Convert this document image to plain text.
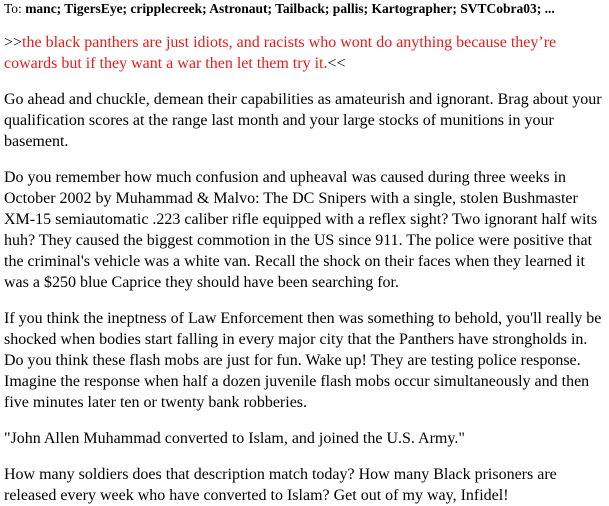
To: manc; TigersEye; cripplecreek; Astronaut; Tailback; pallis; Kartographer; SVTCobra03; ...

>>the black panthers are just idiots, and racists who wont do anything because they’re cowards but if they want a war then let them try it.<<

Go ahead and chuckle, demean their capabilities as amateurish and ignorant. Brag about your qualification scores at the range last month and your large stocks of munitions in your basement.

Do you remember how much confusion and upheaval was caused during three weeks in October 2002 by Muhammad & Malvo: The DC Snipers with a single, stolen Bushmaster XM-15 semiautomatic .223 caliber rifle equipped with a reflex sight? Two ignorant half wits huh? They caused the biggest commotion in the US since 911. The police were positive that the criminal's vehicle was a white van. Recall the shock on their faces when they learned it was a $250 blue Caprice they should have been searching for.

If you think the ineptness of Law Enforcement then was something to behold, you'll really be shocked when bodies start falling in every major city that the Panthers have strongholds in. Do you think these flash mobs are just for fun. Wake up! They are testing police response. Imagine the response when half a dozen juvenile flash mobs occur simultaneously and then five minutes later ten or twenty bank robberies.

"John Allen Muhammad converted to Islam, and joined the U.S. Army."

How many soldiers does that description match today? How many Black prisoners are released every week who have converted to Islam? Get out of my way, Infidel!
